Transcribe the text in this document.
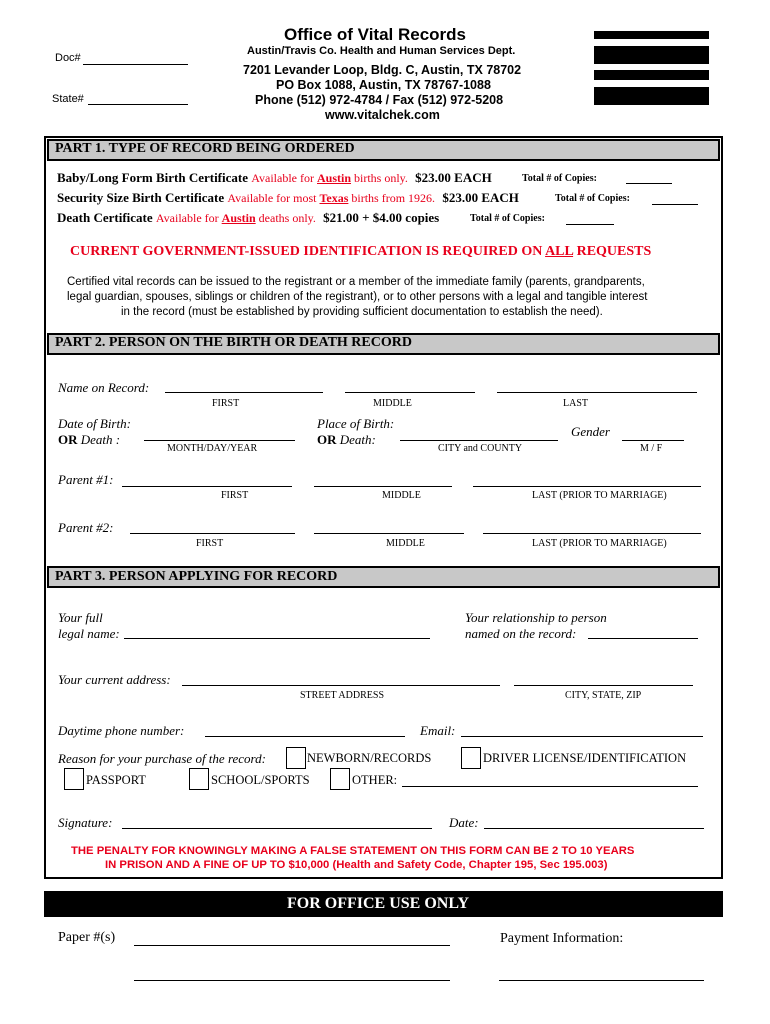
Office of Vital Records
Austin/Travis Co. Health and Human Services Dept.
7201 Levander Loop, Bldg. C, Austin, TX 78702
PO Box 1088, Austin, TX 78767-1088
Phone (512) 972-4784 / Fax (512) 972-5208
www.vitalchek.com
Doc#
State#
PART 1. TYPE OF RECORD BEING ORDERED
Baby/Long Form Birth Certificate Available for Austin births only. $23.00 EACH	Total # of Copies:
Security Size Birth Certificate Available for most Texas births from 1926. $23.00 EACH	Total # of Copies:
Death Certificate Available for Austin deaths only. $21.00 + $4.00 copies	Total # of Copies:
CURRENT GOVERNMENT-ISSUED IDENTIFICATION IS REQUIRED ON ALL REQUESTS
Certified vital records can be issued to the registrant or a member of the immediate family (parents, grandparents,
legal guardian, spouses, siblings or children of the registrant), or to other persons with a legal and tangible interest
in the record (must be established by providing sufficient documentation to establish the need).
PART 2. PERSON ON THE BIRTH OR DEATH RECORD
Name on Record:
FIRST	MIDDLE	LAST
Date of Birth:
OR Death :
MONTH/DAY/YEAR
Place of Birth:
OR Death:
CITY and COUNTY
Gender
M / F
Parent #1:
FIRST	MIDDLE	LAST (PRIOR TO MARRIAGE)
Parent #2:
FIRST	MIDDLE	LAST (PRIOR TO MARRIAGE)
PART 3. PERSON APPLYING FOR RECORD
Your full
legal name:
Your relationship to person
named on the record:
Your current address:
STREET ADDRESS	CITY, STATE, ZIP
Daytime phone number:	Email:
Reason for your purchase of the record:	NEWBORN/RECORDS	DRIVER LICENSE/IDENTIFICATION
PASSPORT	SCHOOL/SPORTS	OTHER:
Signature:	Date:
THE PENALTY FOR KNOWINGLY MAKING A FALSE STATEMENT ON THIS FORM CAN BE 2 TO 10 YEARS
IN PRISON AND A FINE OF UP TO $10,000 (Health and Safety Code, Chapter 195, Sec 195.003)
FOR OFFICE USE ONLY
Paper #(s)	Payment Information:
